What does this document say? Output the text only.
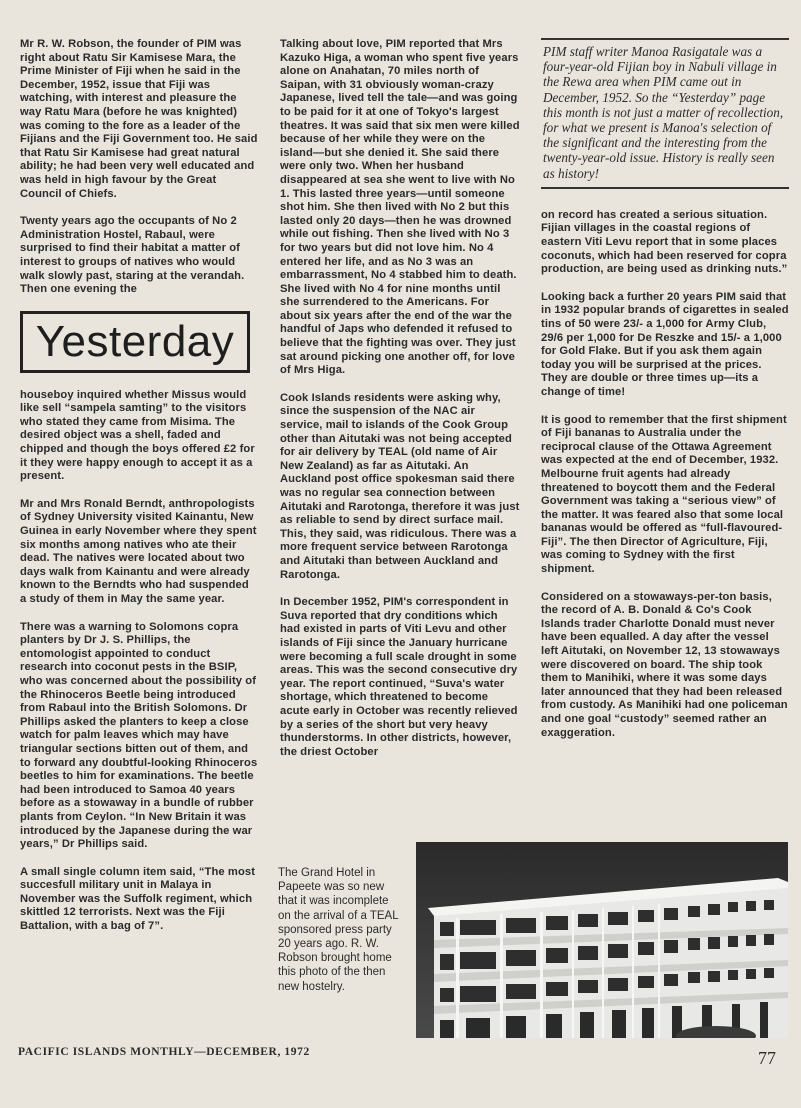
Mr R. W. Robson, the founder of PIM was right about Ratu Sir Kamisese Mara, the Prime Minister of Fiji when he said in the December, 1952, issue that Fiji was watching, with interest and pleasure the way Ratu Mara (before he was knighted) was coming to the fore as a leader of the Fijians and the Fiji Government too. He said that Ratu Sir Kamisese had great natural ability; he had been very well educated and was held in high favour by the Great Council of Chiefs.

Twenty years ago the occupants of No 2 Administration Hostel, Rabaul, were surprised to find their habitat a matter of interest to groups of natives who would walk slowly past, staring at the verandah. Then one evening the

Yesterday

houseboy inquired whether Missus would like sell “sampela samting” to the visitors who stated they came from Misima. The desired object was a shell, faded and chipped and though the boys offered £2 for it they were happy enough to accept it as a present.

Mr and Mrs Ronald Berndt, anthropologists of Sydney University visited Kainantu, New Guinea in early November where they spent six months among natives who ate their dead. The natives were located about two days walk from Kainantu and were already known to the Berndts who had suspended a study of them in May the same year.

There was a warning to Solomons copra planters by Dr J. S. Phillips, the entomologist appointed to conduct research into coconut pests in the BSIP, who was concerned about the possibility of the Rhinoceros Beetle being introduced from Rabaul into the British Solomons. Dr Phillips asked the planters to keep a close watch for palm leaves which may have triangular sections bitten out of them, and to forward any doubtful-looking Rhinoceros beetles to him for examinations. The beetle had been introduced to Samoa 40 years before as a stowaway in a bundle of rubber plants from Ceylon. “In New Britain it was introduced by the Japanese during the war years,” Dr Phillips said.

A small single column item said, “The most succesfull military unit in Malaya in November was the Suffolk regiment, which skittled 12 terrorists. Next was the Fiji Battalion, with a bag of 7”.

Talking about love, PIM reported that Mrs Kazuko Higa, a woman who spent five years alone on Anahatan, 70 miles north of Saipan, with 31 obviously woman-crazy Japanese, lived tell the tale—and was going to be paid for it at one of Tokyo's largest theatres. It was said that six men were killed because of her while they were on the island—but she denied it. She said there were only two. When her husband disappeared at sea she went to live with No 1. This lasted three years—until someone shot him. She then lived with No 2 but this lasted only 20 days—then he was drowned while out fishing. Then she lived with No 3 for two years but did not love him. No 4 entered her life, and as No 3 was an embarrassment, No 4 stabbed him to death. She lived with No 4 for nine months until she surrendered to the Americans. For about six years after the end of the war the handful of Japs who defended it refused to believe that the fighting was over. They just sat around picking one another off, for love of Mrs Higa.

Cook Islands residents were asking why, since the suspension of the NAC air service, mail to islands of the Cook Group other than Aitutaki was not being accepted for air delivery by TEAL (old name of Air New Zealand) as far as Aitutaki. An Auckland post office spokesman said there was no regular sea connection between Aitutaki and Rarotonga, therefore it was just as reliable to send by direct surface mail. This, they said, was ridiculous. There was a more frequent service between Rarotonga and Aitutaki than between Auckland and Rarotonga.

In December 1952, PIM's correspondent in Suva reported that dry conditions which had existed in parts of Viti Levu and other islands of Fiji since the January hurricane were becoming a full scale drought in some areas. This was the second consecutive dry year. The report continued, “Suva's water shortage, which threatened to become acute early in October was recently relieved by a series of the short but very heavy thunderstorms. In other districts, however, the driest October

PIM staff writer Manoa Rasigatale was a four-year-old Fijian boy in Nabuli village in the Rewa area when PIM came out in December, 1952. So the “Yesterday” page this month is not just a matter of recollection, for what we present is Manoa's selection of the significant and the interesting from the twenty-year-old issue. History is really seen as history!

on record has created a serious situation. Fijian villages in the coastal regions of eastern Viti Levu report that in some places coconuts, which had been reserved for copra production, are being used as drinking nuts.”

Looking back a further 20 years PIM said that in 1932 popular brands of cigarettes in sealed tins of 50 were 23/- a 1,000 for Army Club, 29/6 per 1,000 for De Reszke and 15/- a 1,000 for Gold Flake. But if you ask them again today you will be surprised at the prices. They are double or three times up—its a change of time!

It is good to remember that the first shipment of Fiji bananas to Australia under the reciprocal clause of the Ottawa Agreement was expected at the end of December, 1932. Melbourne fruit agents had already threatened to boycott them and the Federal Government was taking a “serious view” of the matter. It was feared also that some local bananas would be offered as “full-flavoured-Fiji”. The then Director of Agriculture, Fiji, was coming to Sydney with the first shipment.

Considered on a stowaways-per-ton basis, the record of A. B. Donald & Co's Cook Islands trader Charlotte Donald must never have been equalled. A day after the vessel left Aitutaki, on November 12, 13 stowaways were discovered on board. The ship took them to Manihiki, where it was some days later announced that they had been released from custody. As Manihiki had one policeman and one goal “custody” seemed rather an exaggeration.

The Grand Hotel in Papeete was so new that it was incomplete on the arrival of a TEAL sponsored press party 20 years ago. R. W. Robson brought home this photo of the then new hostelry.

PACIFIC ISLANDS MONTHLY—DECEMBER, 1972	77
